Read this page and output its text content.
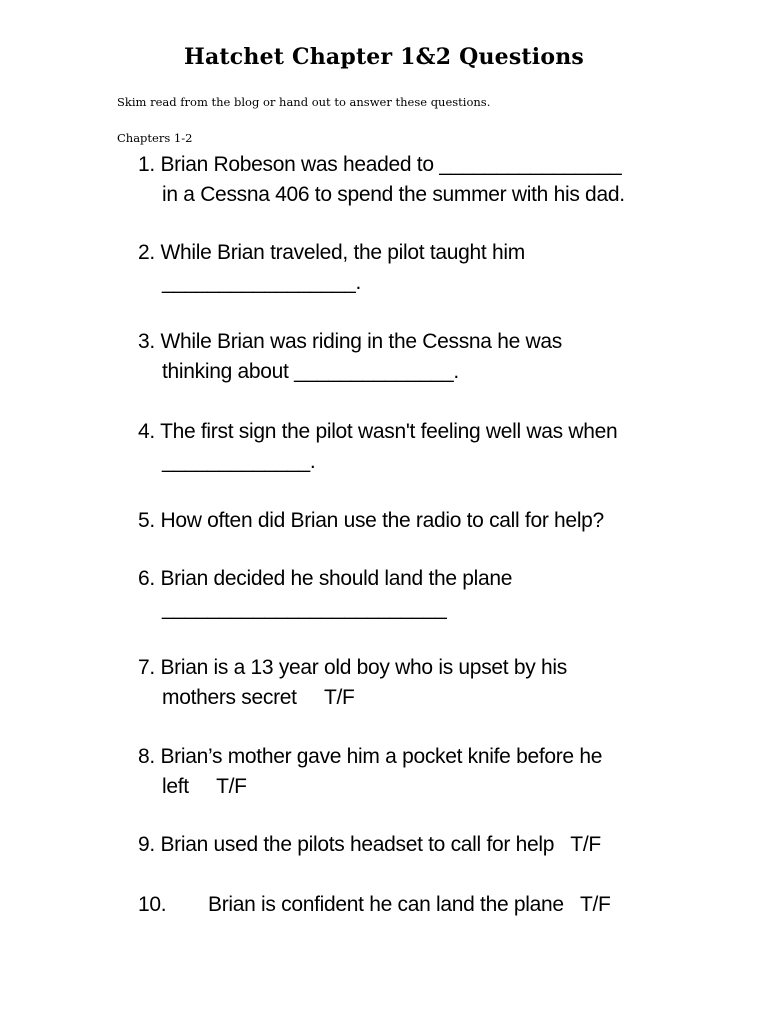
Hatchet Chapter 1&2 Questions
Skim read from the blog or hand out to answer these questions.
Chapters 1-2
1. Brian Robeson was headed to ________________
in a Cessna 406 to spend the summer with his dad.
2. While Brian traveled, the pilot taught him
_________________.
3. While Brian was riding in the Cessna he was
thinking about ______________.
4. The first sign the pilot wasn't feeling well was when
_____________.
5. How often did Brian use the radio to call for help?
6. Brian decided he should land the plane
_________________________
7. Brian is a 13 year old boy who is upset by his
mothers secret     T/F
8. Brian’s mother gave him a pocket knife before he
left     T/F
9. Brian used the pilots headset to call for help   T/F
10. Brian is confident he can land the plane   T/F
